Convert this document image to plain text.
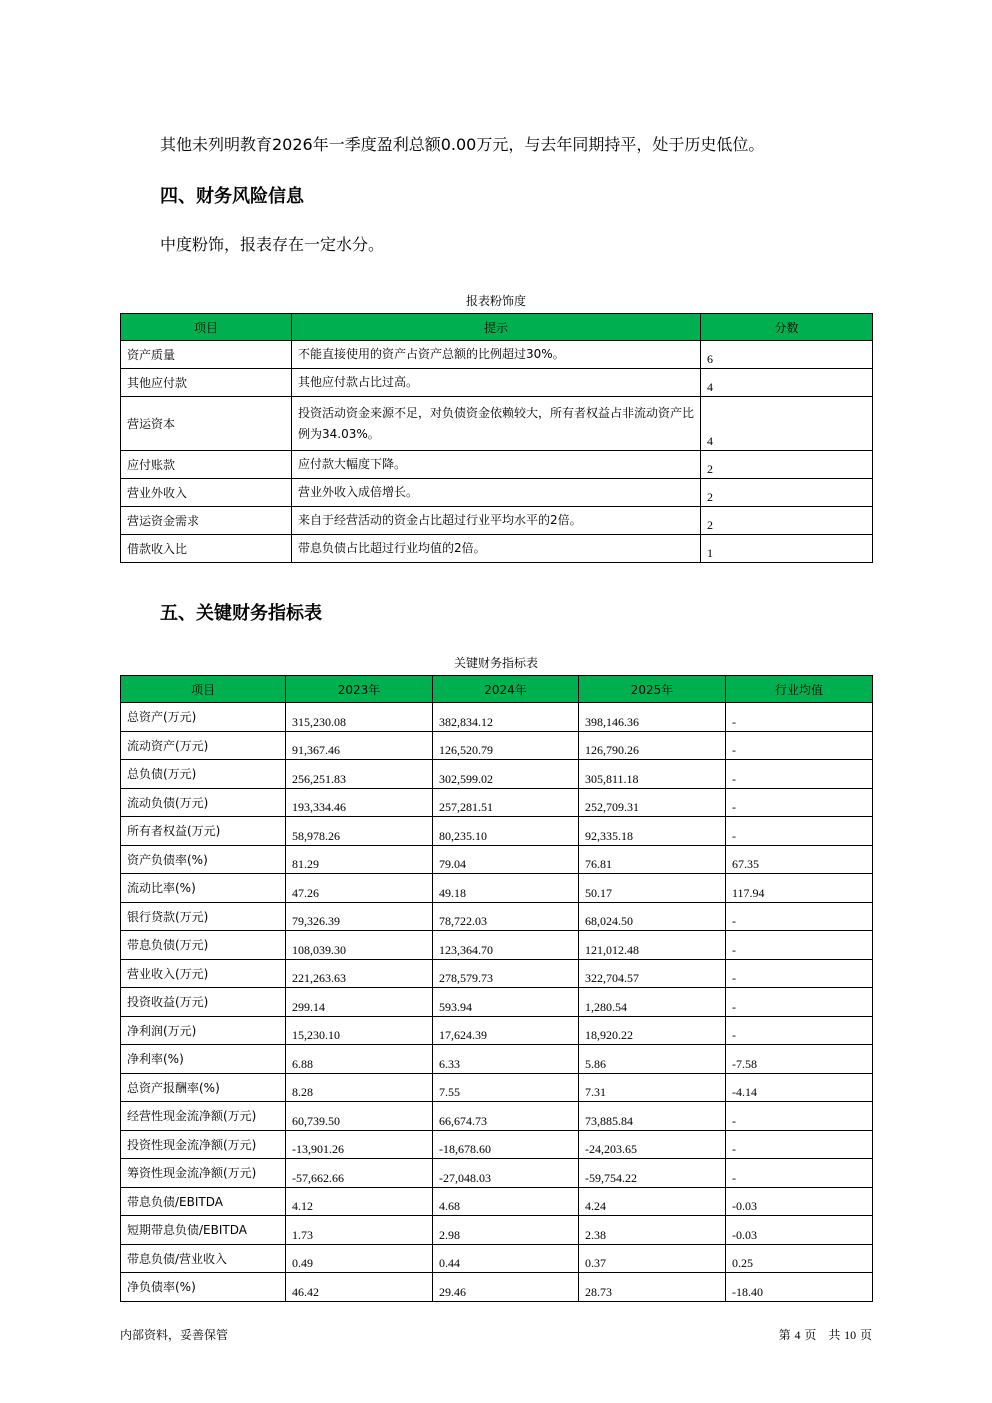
其他未列明教育2026年一季度盈利总额0.00万元，与去年同期持平，处于历史低位。

四、财务风险信息

中度粉饰，报表存在一定水分。

报表粉饰度

项目	提示	分数
资产质量	不能直接使用的资产占资产总额的比例超过30%。	6
其他应付款	其他应付款占比过高。	4
营运资本	投资活动资金来源不足，对负债资金依赖较大，所有者权益占非流动资产比例为34.03%。	4
应付账款	应付款大幅度下降。	2
营业外收入	营业外收入成倍增长。	2
营运资金需求	来自于经营活动的资金占比超过行业平均水平的2倍。	2
借款收入比	带息负债占比超过行业均值的2倍。	1
五、关键财务指标表

关键财务指标表

项目	2023年	2024年	2025年	行业均值
总资产(万元)	315,230.08	382,834.12	398,146.36	-
流动资产(万元)	91,367.46	126,520.79	126,790.26	-
总负债(万元)	256,251.83	302,599.02	305,811.18	-
流动负债(万元)	193,334.46	257,281.51	252,709.31	-
所有者权益(万元)	58,978.26	80,235.10	92,335.18	-
资产负债率(%)	81.29	79.04	76.81	67.35
流动比率(%)	47.26	49.18	50.17	117.94
银行贷款(万元)	79,326.39	78,722.03	68,024.50	-
带息负债(万元)	108,039.30	123,364.70	121,012.48	-
营业收入(万元)	221,263.63	278,579.73	322,704.57	-
投资收益(万元)	299.14	593.94	1,280.54	-
净利润(万元)	15,230.10	17,624.39	18,920.22	-
净利率(%)	6.88	6.33	5.86	-7.58
总资产报酬率(%)	8.28	7.55	7.31	-4.14
经营性现金流净额(万元)	60,739.50	66,674.73	73,885.84	-
投资性现金流净额(万元)	-13,901.26	-18,678.60	-24,203.65	-
筹资性现金流净额(万元)	-57,662.66	-27,048.03	-59,754.22	-
带息负债/EBITDA	4.12	4.68	4.24	-0.03
短期带息负债/EBITDA	1.73	2.98	2.38	-0.03
带息负债/营业收入	0.49	0.44	0.37	0.25
净负债率(%)	46.42	29.46	28.73	-18.40

内部资料，妥善保管	第 4 页　共 10 页
